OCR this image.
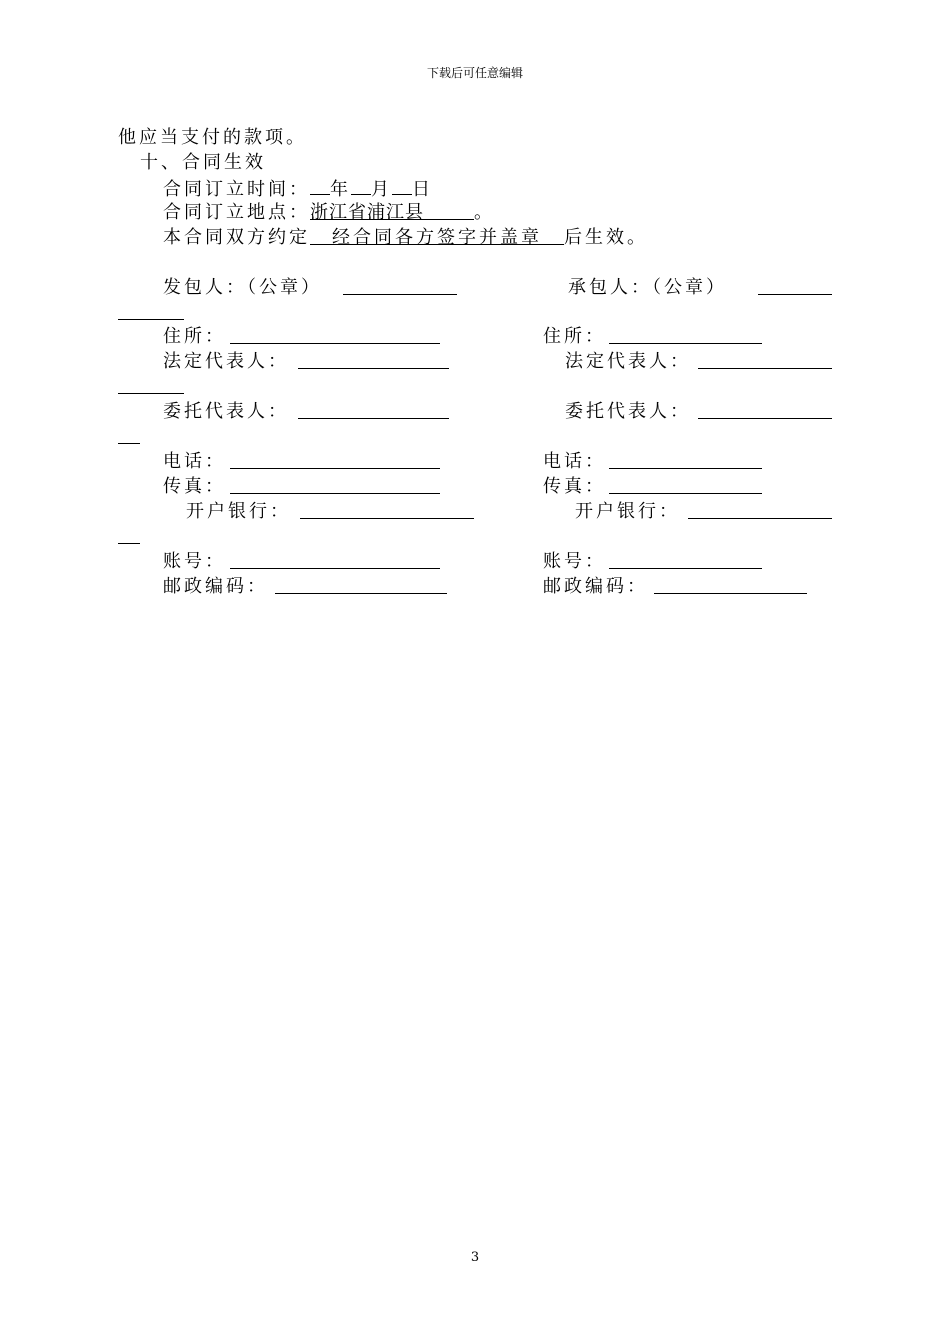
下载后可任意编辑
他应当支付的款项。
十、合同生效
合同订立时间： 年 月 日
合同订立地点：浙江省浦江县	。
本合同双方约定 经合同各方签字并盖章 后生效。
发包人：（公章）
住所：
法定代表人：
委托代表人：
电话：
传真：
开户银行：
账号：
邮政编码：
承包人：（公章）
住所：
法定代表人：
委托代表人：
电话：
传真：
开户银行：
账号：
邮政编码：
3
